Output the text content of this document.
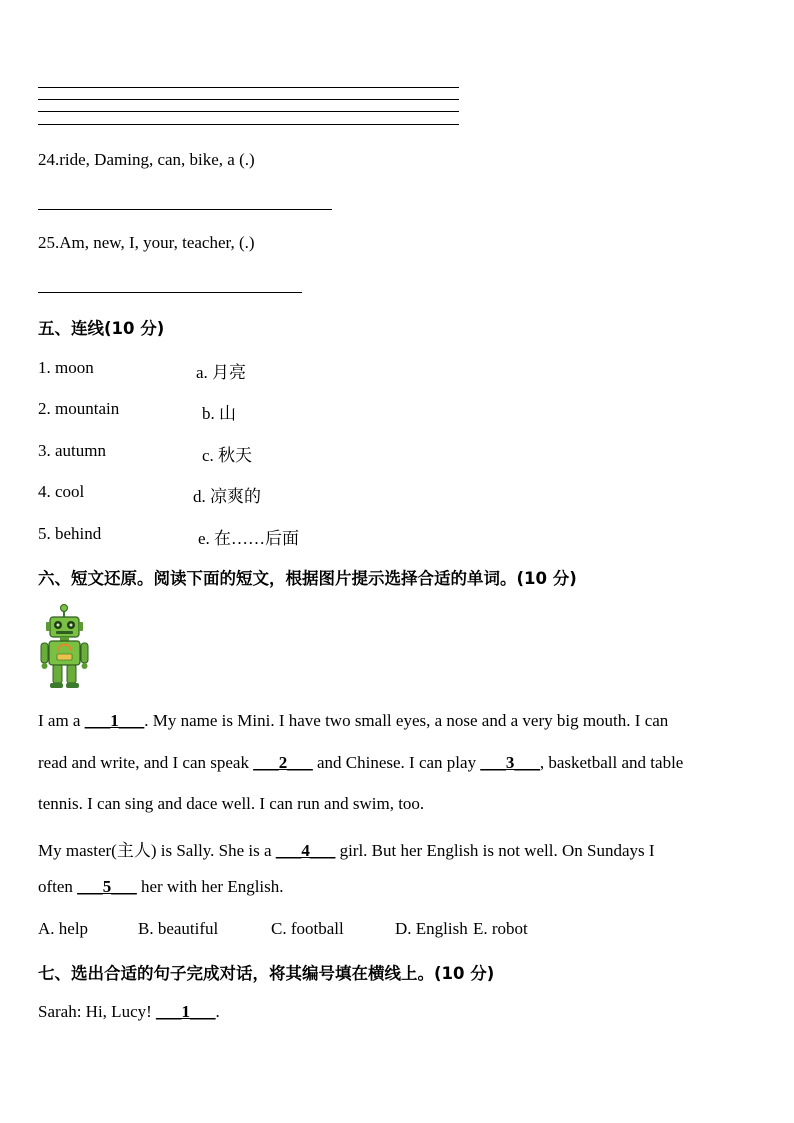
24.ride, Daming, can, bike, a (.)
25.Am, new, I, your, teacher, (.)
五、连线(10 分)
1. moon	a. 月亮
2. mountain	b. 山
3. autumn	c. 秋天
4. cool	d. 凉爽的
5. behind	e. 在……后面
六、短文还原。阅读下面的短文，根据图片提示选择合适的单词。(10 分)
I am a ___1___. My name is Mini. I have two small eyes, a nose and a very big mouth. I can
read and write, and I can speak ___2___ and Chinese. I can play ___3___, basketball and table
tennis. I can sing and dace well. I can run and swim, too.
My master(主人) is Sally. She is a ___4___ girl. But her English is not well. On Sundays I
often ___5___ her with her English.
A. help	B. beautiful	C. football	D. English E. robot
七、选出合适的句子完成对话，将其编号填在横线上。(10 分)
Sarah: Hi, Lucy! ___1___.
